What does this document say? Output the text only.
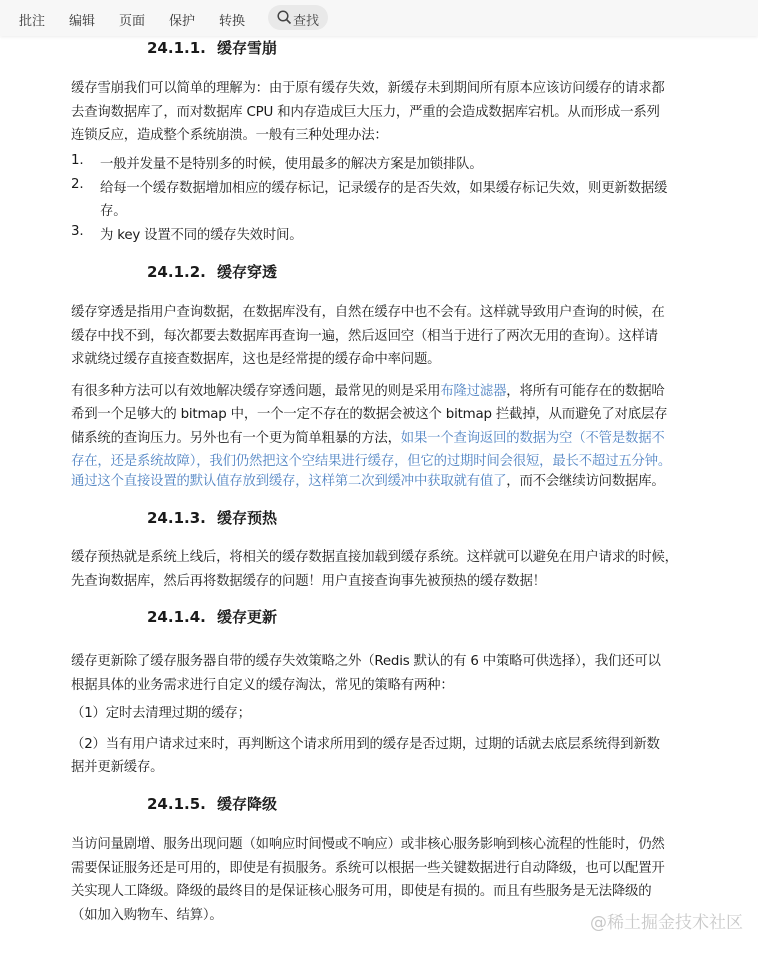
批注 编辑 页面 保护 转换	查找
24.1.1. 缓存雪崩
缓存雪崩我们可以简单的理解为：由于原有缓存失效，新缓存未到期间所有原本应该访问缓存的请求都
去查询数据库了，而对数据库 CPU 和内存造成巨大压力，严重的会造成数据库宕机。从而形成一系列
连锁反应，造成整个系统崩溃。一般有三种处理办法：
1. 一般并发量不是特别多的时候，使用最多的解决方案是加锁排队。
2. 给每一个缓存数据增加相应的缓存标记，记录缓存的是否失效，如果缓存标记失效，则更新数据缓
存。
3. 为 key 设置不同的缓存失效时间。
24.1.2. 缓存穿透
缓存穿透是指用户查询数据，在数据库没有，自然在缓存中也不会有。这样就导致用户查询的时候，在
缓存中找不到，每次都要去数据库再查询一遍，然后返回空（相当于进行了两次无用的查询）。这样请
求就绕过缓存直接查数据库，这也是经常提的缓存命中率问题。
有很多种方法可以有效地解决缓存穿透问题，最常见的则是采用布隆过滤器，将所有可能存在的数据哈
希到一个足够大的 bitmap 中，一个一定不存在的数据会被这个 bitmap 拦截掉，从而避免了对底层存
储系统的查询压力。另外也有一个更为简单粗暴的方法，如果一个查询返回的数据为空（不管是数据不
存在，还是系统故障），我们仍然把这个空结果进行缓存，但它的过期时间会很短，最长不超过五分钟。
通过这个直接设置的默认值存放到缓存，这样第二次到缓冲中获取就有值了，而不会继续访问数据库。
24.1.3. 缓存预热
缓存预热就是系统上线后，将相关的缓存数据直接加载到缓存系统。这样就可以避免在用户请求的时候，
先查询数据库，然后再将数据缓存的问题！用户直接查询事先被预热的缓存数据！
24.1.4. 缓存更新
缓存更新除了缓存服务器自带的缓存失效策略之外（Redis 默认的有 6 中策略可供选择），我们还可以
根据具体的业务需求进行自定义的缓存淘汰，常见的策略有两种：
（1）定时去清理过期的缓存；
（2）当有用户请求过来时，再判断这个请求所用到的缓存是否过期，过期的话就去底层系统得到新数
据并更新缓存。
24.1.5. 缓存降级
当访问量剧增、服务出现问题（如响应时间慢或不响应）或非核心服务影响到核心流程的性能时，仍然
需要保证服务还是可用的，即使是有损服务。系统可以根据一些关键数据进行自动降级，也可以配置开
关实现人工降级。降级的最终目的是保证核心服务可用，即使是有损的。而且有些服务是无法降级的
（如加入购物车、结算）。	@稀土掘金技术社区
